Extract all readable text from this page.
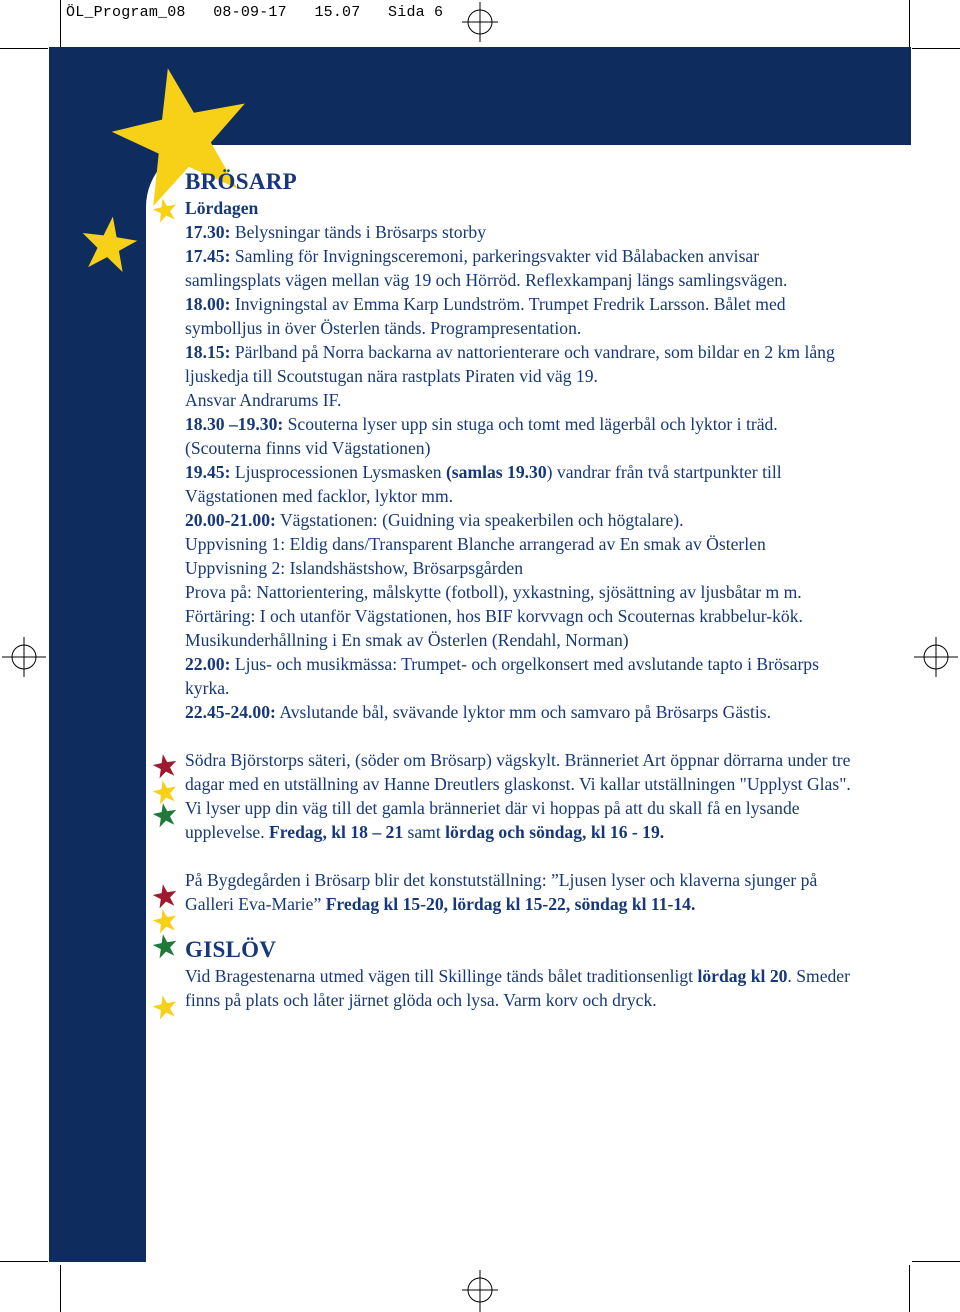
ÖL_Program_08   08-09-17   15.07   Sida 6
BRÖSARP

Lördagen

17.30: Belysningar tänds i Brösarps storby

17.45: Samling för Invigningsceremoni, parkeringsvakter vid Bålabacken anvisar samlingsplats vägen mellan väg 19 och Hörröd. Reflexkampanj längs samlingsvägen.

18.00: Invigningstal av Emma Karp Lundström. Trumpet Fredrik Larsson. Bålet med symbolljus in över Österlen tänds. Programpresentation.

18.15: Pärlband på Norra backarna av nattorienterare och vandrare, som bildar en 2 km lång ljuskedja till Scoutstugan nära rastplats Piraten vid väg 19.

Ansvar Andrarums IF.

18.30 –19.30: Scouterna lyser upp sin stuga och tomt med lägerbål och lyktor i träd. (Scouterna finns vid Vägstationen)

19.45: Ljusprocessionen Lysmasken (samlas 19.30) vandrar från två startpunkter till Vägstationen med facklor, lyktor mm.

20.00-21.00: Vägstationen: (Guidning via speakerbilen och högtalare).

Uppvisning 1: Eldig dans/Transparent Blanche arrangerad av En smak av Österlen

Uppvisning 2: Islandshästshow, Brösarpsgården

Prova på: Nattorientering, målskytte (fotboll), yxkastning, sjösättning av ljusbåtar m m.

Förtäring: I och utanför Vägstationen, hos BIF korvvagn och Scouternas krabbelur-kök. Musikunderhållning i En smak av Österlen (Rendahl, Norman)

22.00: Ljus- och musikmässa: Trumpet- och orgelkonsert med avslutande tapto i Brösarps kyrka.

22.45-24.00: Avslutande bål, svävande lyktor mm och samvaro på Brösarps Gästis.

Södra Björstorps säteri, (söder om Brösarp) vägskylt. Bränneriet Art öppnar dörrarna under tre dagar med en utställning av Hanne Dreutlers glaskonst. Vi kallar utställningen "Upplyst Glas". Vi lyser upp din väg till det gamla bränneriet där vi hoppas på att du skall få en lysande upplevelse. Fredag, kl 18 – 21 samt lördag och söndag, kl 16 - 19.

På Bygdegården i Brösarp blir det konstutställning: ”Ljusen lyser och klaverna sjunger på Galleri Eva-Marie” Fredag kl 15-20, lördag kl 15-22, söndag kl 11-14.

GISLÖV

Vid Bragestenarna utmed vägen till Skillinge tänds bålet traditionsenligt lördag kl 20. Smeder finns på plats och låter järnet glöda och lysa. Varm korv och dryck.
